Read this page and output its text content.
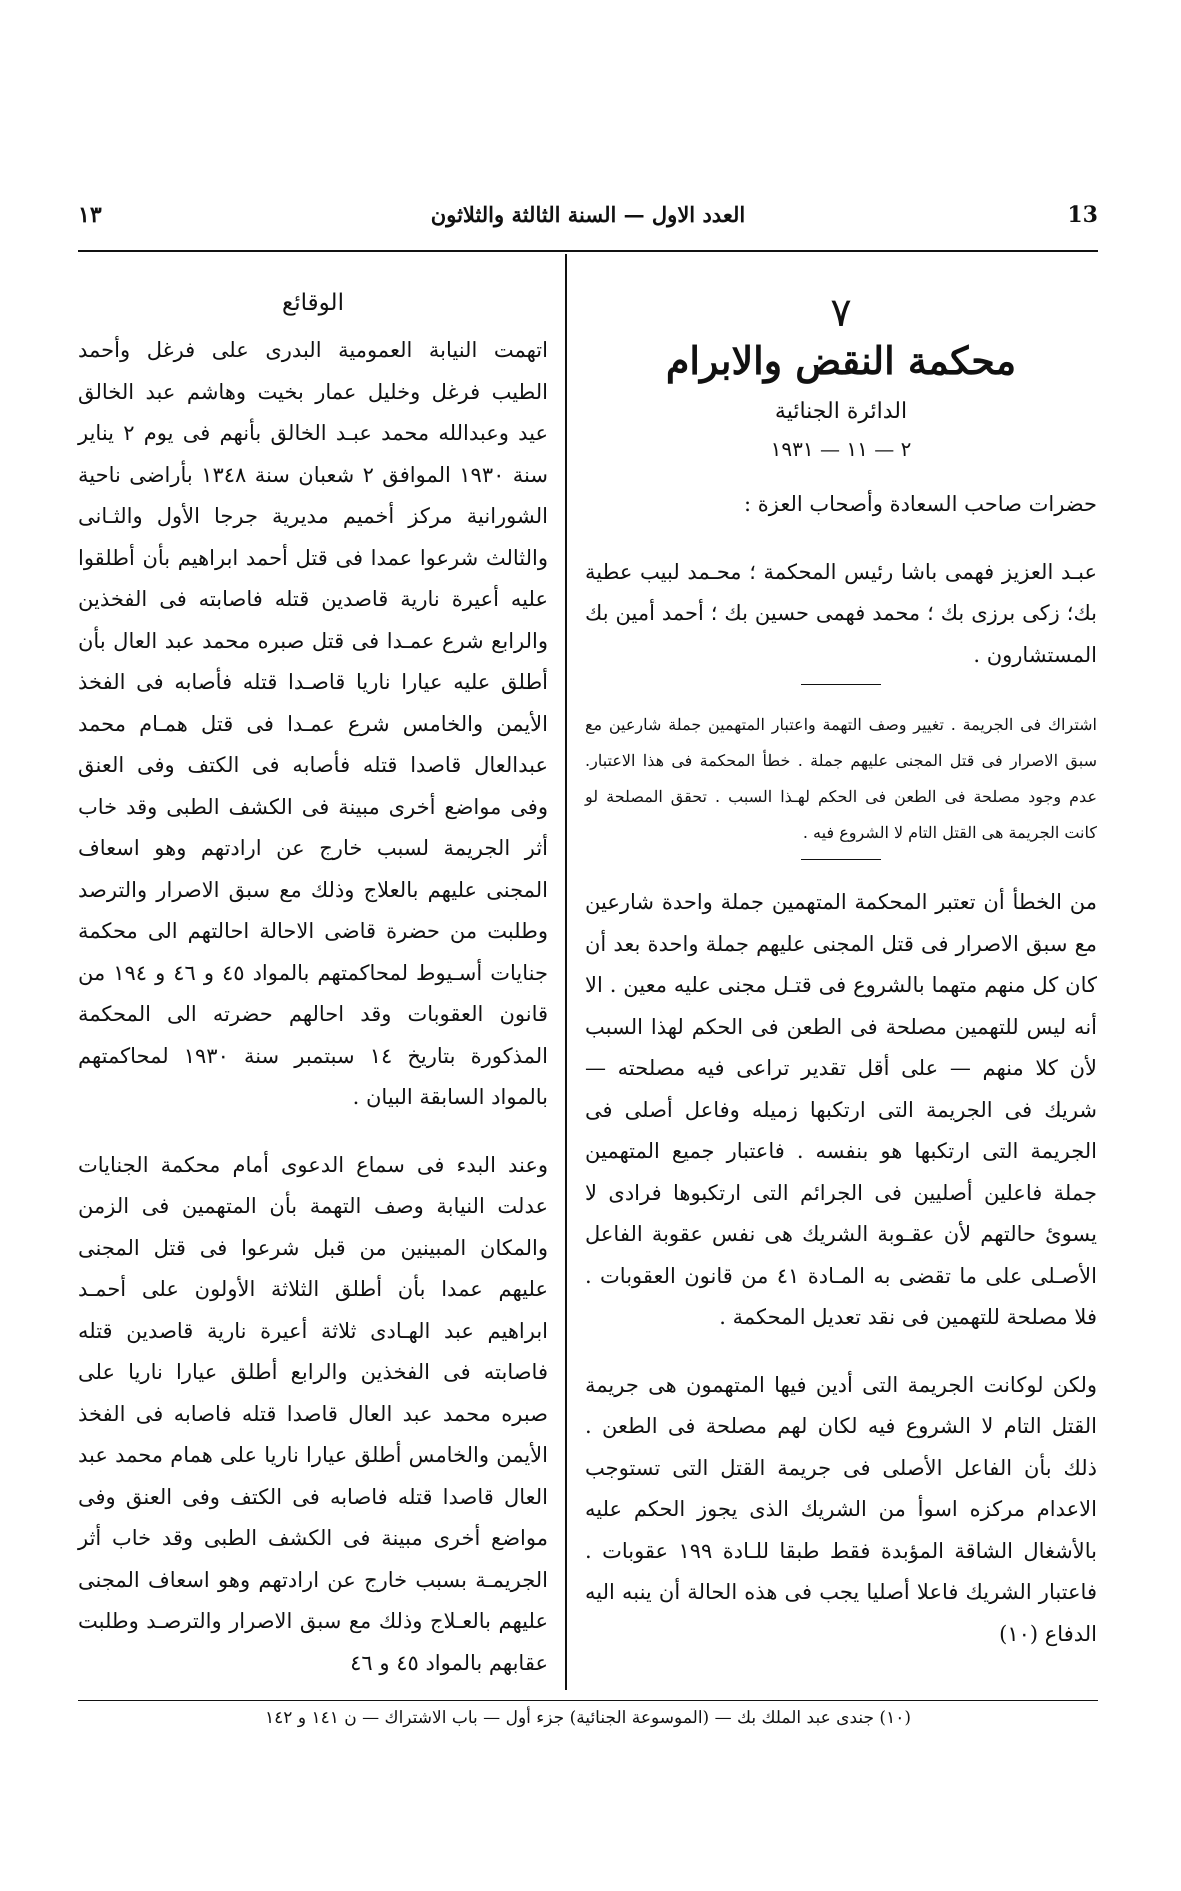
١٣	العدد الاول — السنة الثالثة والثلاثون	13

٧

محكمة النقض والابرام

الدائرة الجنائية

٢ — ١١ — ١٩٣١

حضرات صاحب السعادة وأصحاب العزة :

عبـد العزيز فهمى باشا رئيس المحكمة ؛ محـمد لبيب عطية بك؛ زكى برزى بك ؛ محمد فهمى حسين بك ؛ أحمد أمين بك المستشارون .

اشتراك فى الجريمة . تغيير وصف التهمة واعتبار المتهمين جملة شارعين مع سبق الاصرار فى قتل المجنى عليهم جملة . خطأ المحكمة فى هذا الاعتبار. عدم وجود مصلحة فى الطعن فى الحكم لهـذا السبب . تحقق المصلحة لو كانت الجريمة هى القتل التام لا الشروع فيه .

من الخطأ أن تعتبر المحكمة المتهمين جملة واحدة شارعين مع سبق الاصرار فى قتل المجنى عليهم جملة واحدة بعد أن كان كل منهم متهما بالشروع فى قتـل مجنى عليه معين . الا أنه ليس للتهمين مصلحة فى الطعن فى الحكم لهذا السبب لأن كلا منهم — على أقل تقدير تراعى فيه مصلحته — شريك فى الجريمة التى ارتكبها زميله وفاعل أصلى فى الجريمة التى ارتكبها هو بنفسه . فاعتبار جميع المتهمين جملة فاعلين أصليين فى الجرائم التى ارتكبوها فرادى لا يسوئ حالتهم لأن عقـوبة الشريك هى نفس عقوبة الفاعل الأصـلى على ما تقضى به المـادة ٤١ من قانون العقوبات . فلا مصلحة للتهمين فى نقد تعديل المحكمة .

ولكن لوكانت الجريمة التى أدين فيها المتهمون هى جريمة القتل التام لا الشروع فيه لكان لهم مصلحة فى الطعن . ذلك بأن الفاعل الأصلى فى جريمة القتل التى تستوجب الاعدام مركزه اسوأ من الشريك الذى يجوز الحكم عليه بالأشغال الشاقة المؤبدة فقط طبقا للـادة ١٩٩ عقوبات . فاعتبار الشريك فاعلا أصليا يجب فى هذه الحالة أن ينبه اليه الدفاع (١٠)

الوقائع

اتهمت النيابة العمومية البدرى على فرغل وأحمد الطيب فرغل وخليل عمار بخيت وهاشم عبد الخالق عيد وعبدالله محمد عبـد الخالق بأنهم فى يوم ٢ يناير سنة ١٩٣٠ الموافق ٢ شعبان سنة ١٣٤٨ بأراضى ناحية الشورانية مركز أخميم مديرية جرجا الأول والثـانى والثالث شرعوا عمدا فى قتل أحمد ابراهيم بأن أطلقوا عليه أعيرة نارية قاصدين قتله فاصابته فى الفخذين والرابع شرع عمـدا فى قتل صبره محمد عبد العال بأن أطلق عليه عيارا ناريا قاصـدا قتله فأصابه فى الفخذ الأيمن والخامس شرع عمـدا فى قتل همـام محمد عبدالعال قاصدا قتله فأصابه فى الكتف وفى العنق وفى مواضع أخرى مبينة فى الكشف الطبى وقد خاب أثر الجريمة لسبب خارج عن ارادتهم وهو اسعاف المجنى عليهم بالعلاج وذلك مع سبق الاصرار والترصد وطلبت من حضرة قاضى الاحالة احالتهم الى محكمة جنايات أسـيوط لمحاكمتهم بالمواد ٤٥ و ٤٦ و ١٩٤ من قانون العقوبات وقد احالهم حضرته الى المحكمة المذكورة بتاريخ ١٤ سبتمبر سنة ١٩٣٠ لمحاكمتهم بالمواد السابقة البيان .

وعند البدء فى سماع الدعوى أمام محكمة الجنايات عدلت النيابة وصف التهمة بأن المتهمين فى الزمن والمكان المبينين من قبل شرعوا فى قتل المجنى عليهم عمدا بأن أطلق الثلاثة الأولون على أحمـد ابراهيم عبد الهـادى ثلاثة أعيرة نارية قاصدين قتله فاصابته فى الفخذين والرابع أطلق عيارا ناريا على صبره محمد عبد العال قاصدا قتله فاصابه فى الفخذ الأيمن والخامس أطلق عيارا ناريا على همام محمد عبد العال قاصدا قتله فاصابه فى الكتف وفى العنق وفى مواضع أخرى مبينة فى الكشف الطبى وقد خاب أثر الجريمـة بسبب خارج عن ارادتهم وهو اسعاف المجنى عليهم بالعـلاج وذلك مع سبق الاصرار والترصـد وطلبت عقابهم بالمواد ٤٥ و ٤٦

(١٠) جندى عبد الملك بك — (الموسوعة الجنائية) جزء أول — باب الاشتراك — ن ١٤١ و ١٤٢
